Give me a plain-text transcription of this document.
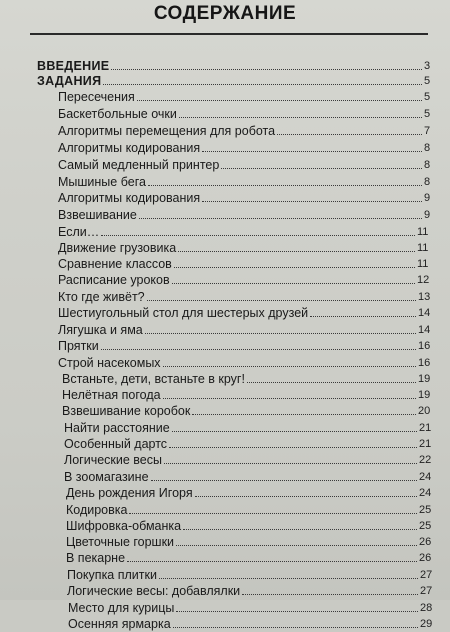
СОДЕРЖАНИЕ
ВВЕДЕНИЕ	3
ЗАДАНИЯ	5
Пересечения	5
Баскетбольные очки	5
Алгоритмы перемещения для робота	7
Алгоритмы кодирования	8
Самый медленный принтер	8
Мышиные бега	8
Алгоритмы кодирования	9
Взвешивание	9
Если…	11
Движение грузовика	11
Сравнение классов	11
Расписание уроков	12
Кто где живёт?	13
Шестиугольный стол для шестерых друзей	14
Лягушка и яма	14
Прятки	16
Строй насекомых	16
Встаньте, дети, встаньте в круг!	19
Нелётная погода	19
Взвешивание коробок	20
Найти расстояние	21
Особенный дартс	21
Логические весы	22
В зоомагазине	24
День рождения Игоря	24
Кодировка	25
Шифровка-обманка	25
Цветочные горшки	26
В пекарне	26
Покупка плитки	27
Логические весы: добавлялки	27
Место для курицы	28
Осенняя ярмарка	29
